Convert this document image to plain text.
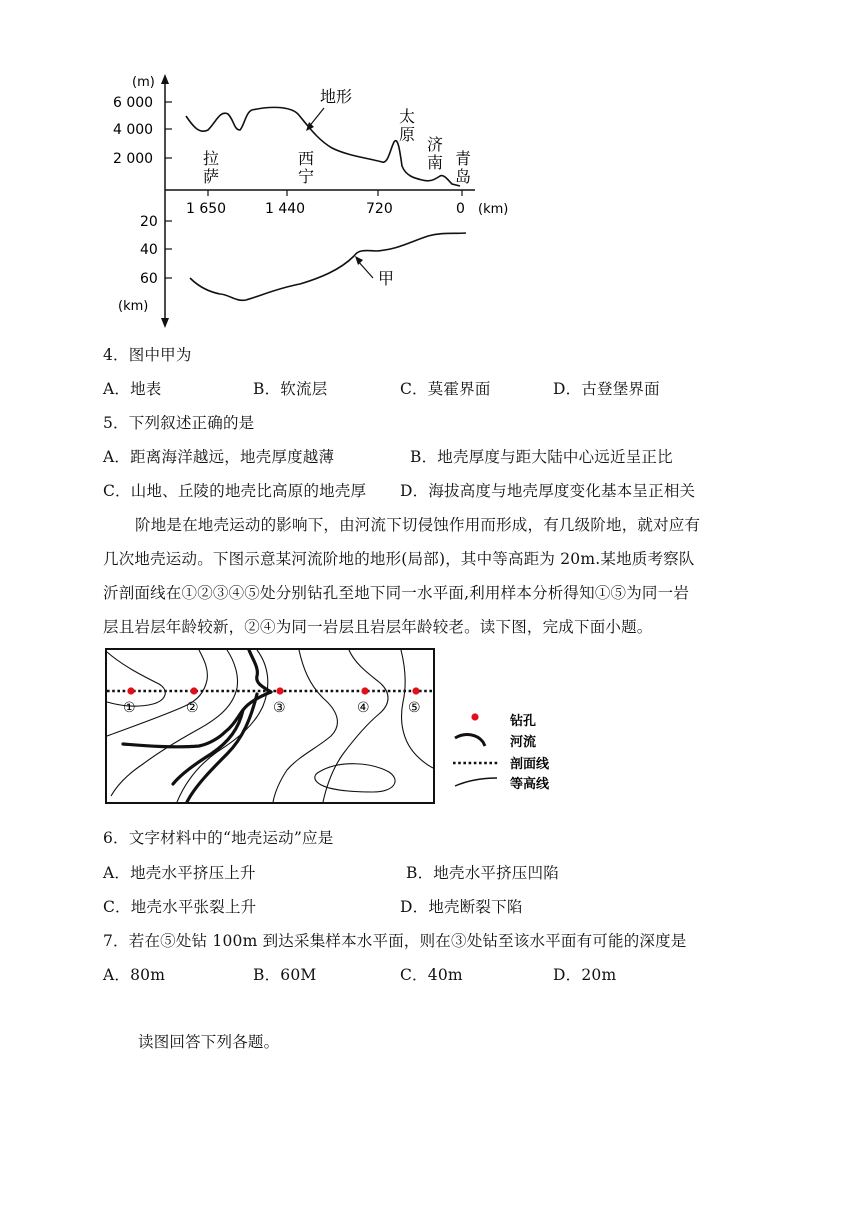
(m)
6 000
4 000
2 000
1 650	1 440	720	0 (km)
20
40
60
(km)
地形
甲
拉
萨
西
宁
太
原
济
南 青
岛
4．图中甲为
A．地表	B．软流层	C．莫霍界面	D．古登堡界面
5．下列叙述正确的是
A．距离海洋越远，地壳厚度越薄	B．地壳厚度与距大陆中心远近呈正比
C．山地、丘陵的地壳比高原的地壳厚 D．海拔高度与地壳厚度变化基本呈正相关
阶地是在地壳运动的影响下，由河流下切侵蚀作用而形成，有几级阶地，就对应有
几次地壳运动。下图示意某河流阶地的地形(局部)，其中等高距为 20m.某地质考察队
沂剖面线在①②③④⑤处分别钻孔至地下同一水平面,利用样本分析得知①⑤为同一岩
层且岩层年龄较新，②④为同一岩层且岩层年龄较老。读下图，完成下面小题。
①	②	③	④	⑤
钻孔
河流
剖面线
等高线
6．文字材料中的“地壳运动”应是
A．地壳水平挤压上升	B．地壳水平挤压凹陷
C．地壳水平张裂上升	D．地壳断裂下陷
7．若在⑤处钻 100m 到达采集样本水平面，则在③处钻至该水平面有可能的深度是
A．80m	B．60M	C．40m	D．20m
读图回答下列各题。
